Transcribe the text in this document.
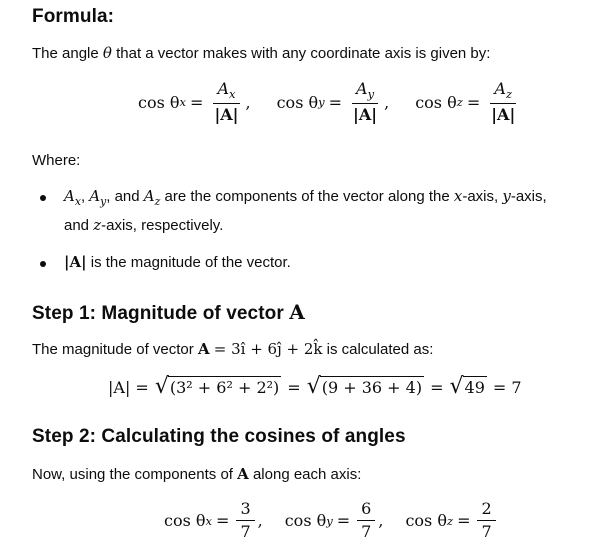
Formula:
The angle θ that a vector makes with any coordinate axis is given by:
cos θ $x = \frac{A_x}{|A|}$ , cos θ $y = \frac{A_y}{|A|}$ , cos θ $z = \frac{A_z}{|A|}$
Where:
$A_x$, $A_y$, and $A_z$ are the components of the vector along the x-axis, y-axis,
and z-axis, respectively.
|A| is the magnitude of the vector.
Step 1: Magnitude of vector A
The magnitude of vector A = 3î + 6ĵ + 2k̂ is calculated as:
|A| = √ (3² + 6² + 2²) = √ (9 + 36 + 4) = √ 49 = 7
Step 2: Calculating the cosines of angles
Now, using the components of A along each axis:
cos θ $x = \frac{3}{7}$ , cos θ $y = \frac{6}{7}$ , cos θ $z = \frac{2}{7}$
